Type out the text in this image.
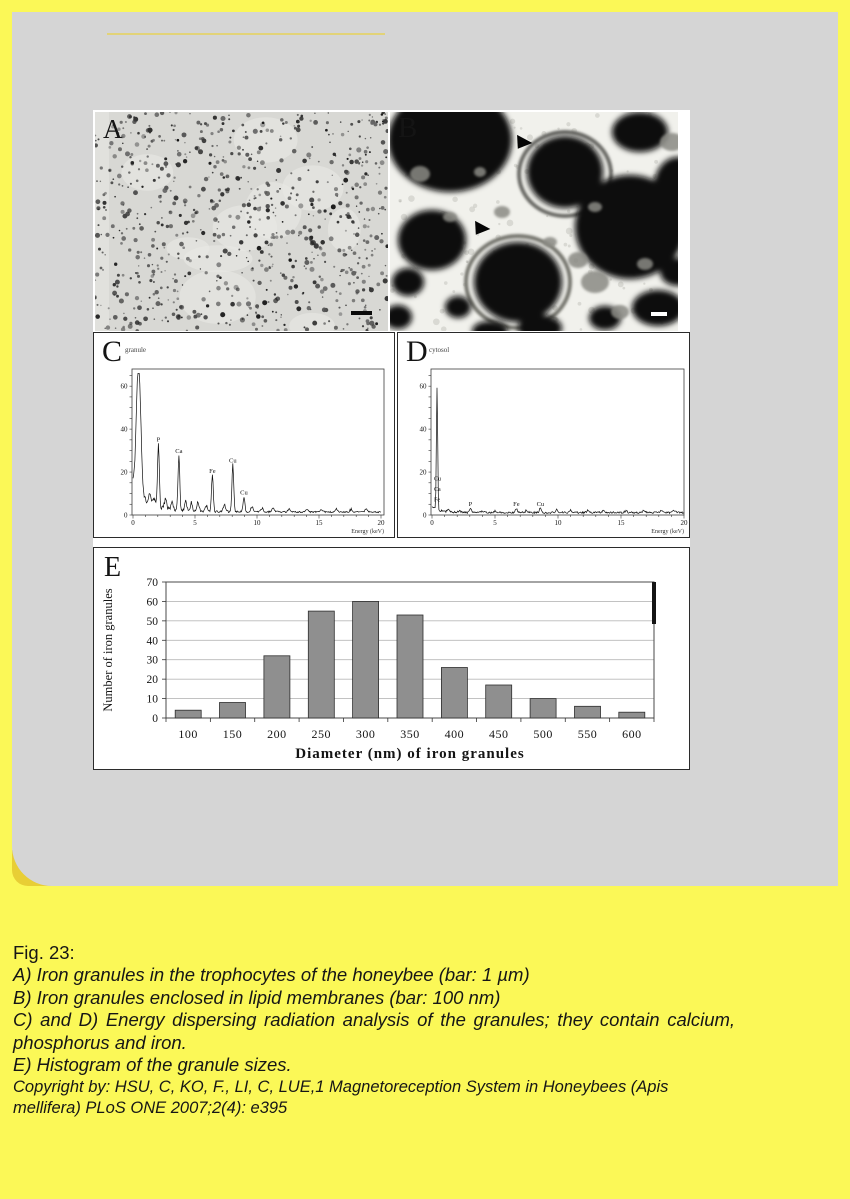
A	B
0
20
40
60
0	5	10	15	20
Energy (keV)
P
Ca
Fe
Cu
Cu
C granule
0
20
40
60
0	5	10	15	20
Energy (keV)
P	Fe	Cu
Cu
Ca
Fe
D cytosol
0
10
20
30
40
50
60
70
100 150 200 250 300 350 400 450 500 550 600
Diameter (nm) of iron granules
Number of iron granules
E
Fig. 23:
A) Iron granules in the trophocytes of the honeybee (bar: 1 µm)
B) Iron granules enclosed in lipid membranes (bar: 100 nm)
C) and D) Energy dispersing radiation analysis of the granules; they contain calcium,
phosphorus and iron.
E) Histogram of the granule sizes.
Copyright by: HSU, C, KO, F., LI, C, LUE,1 Magnetoreception System in Honeybees (Apis
mellifera) PLoS ONE 2007;2(4): e395
